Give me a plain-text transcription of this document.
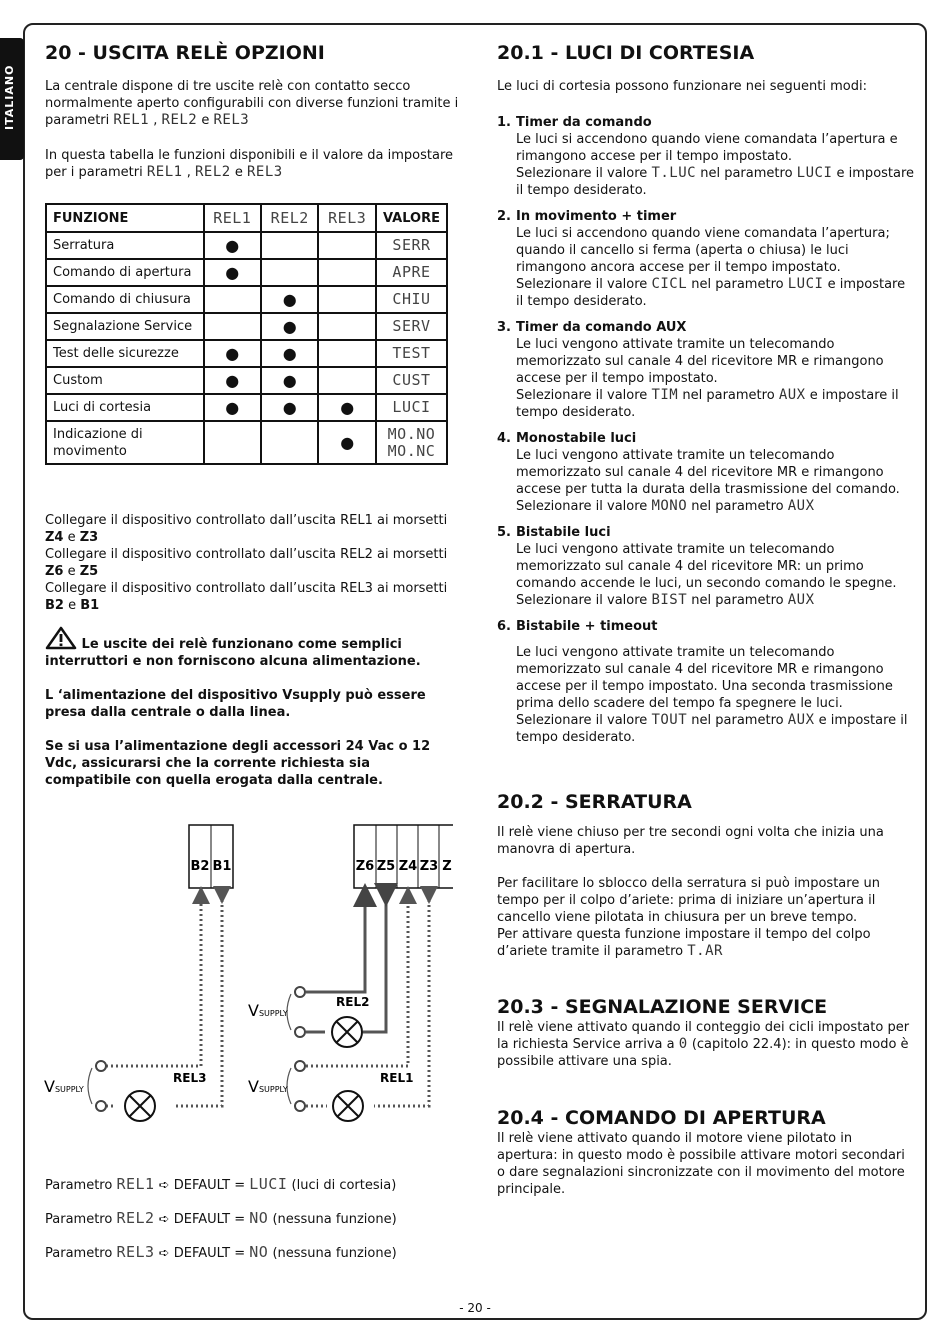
ITALIANO
20 - USCITA RELÈ OPZIONI

La centrale dispone di tre uscite relè con contatto secco normalmente aperto configurabili con diverse funzioni tramite i parametri REL1 , REL2 e REL3

In questa tabella le funzioni disponibili e il valore da impostare per i parametri REL1 , REL2 e REL3

FUNZIONE	REL1	REL2	REL3	VALORE
Serratura	●			SERR
Comando di apertura	●			APRE
Comando di chiusura		●		CHIU
Segnalazione Service		●		SERV
Test delle sicurezze	●	●		TEST
Custom	●	●		CUST
Luci di cortesia	●	●	●	LUCI
Indicazione di movimento			●	MO.NO
MO.NC

Collegare il dispositivo controllato dall’uscita REL1 ai morsetti
Z4 e Z3

Collegare il dispositivo controllato dall’uscita REL2 ai morsetti
Z6 e Z5

Collegare il dispositivo controllato dall’uscita REL3 ai morsetti
B2 e B1

Le uscite dei relè funzionano come semplici interruttori e non forniscono alcuna alimentazione.

L ‘alimentazione del dispositivo Vsupply può essere presa dalla centrale o dalla linea.

Se si usa l’alimentazione degli accessori 24 Vac o 12 Vdc, assicurarsi che la corrente richiesta sia compatibile con quella erogata dalla centrale.

B2 B1	Z6 Z5 Z4 Z3 Z
REL3
VSUPPLY
REL2
VSUPPLY
REL1
VSUPPLY
Parametro REL1 ➪ DEFAULT = LUCI (luci di cortesia)
Parametro REL2 ➪ DEFAULT = NO (nessuna funzione)
Parametro REL3 ➪ DEFAULT = NO (nessuna funzione)
20.1 - LUCI DI CORTESIA

Le luci di cortesia possono funzionare nei seguenti modi:

1. Timer da comando
Le luci si accendono quando viene comandata l’apertura e rimangono accese per il tempo impostato.
Selezionare il valore T.LUC nel parametro LUCI e impostare il tempo desiderato.
2. In movimento + timer
Le luci si accendono quando viene comandata l’apertura; quando il cancello si ferma (aperta o chiusa) le luci rimangono ancora accese per il tempo impostato.
Selezionare il valore CICL nel parametro LUCI e impostare il tempo desiderato.
3. Timer da comando AUX
Le luci vengono attivate tramite un telecomando memorizzato sul canale 4 del ricevitore MR e rimangono accese per il tempo impostato.
Selezionare il valore TIM nel parametro AUX e impostare il tempo desiderato.
4. Monostabile luci
Le luci vengono attivate tramite un telecomando memorizzato sul canale 4 del ricevitore MR e rimangono accese per tutta la durata della trasmissione del comando.
Selezionare il valore MONO nel parametro AUX
5. Bistabile luci
Le luci vengono attivate tramite un telecomando memorizzato sul canale 4 del ricevitore MR: un primo comando accende le luci, un secondo comando le spegne.
Selezionare il valore BIST nel parametro AUX
6. Bistabile + timeout

Le luci vengono attivate tramite un telecomando memorizzato sul canale 4 del ricevitore MR e rimangono accese per il tempo impostato. Una seconda trasmissione prima dello scadere del tempo fa spegnere le luci.
Selezionare il valore TOUT nel parametro AUX e impostare il tempo desiderato.
20.2 - SERRATURA

Il relè viene chiuso per tre secondi ogni volta che inizia una manovra di apertura.

Per facilitare lo sblocco della serratura si può impostare un tempo per il colpo d’ariete: prima di iniziare un’apertura il cancello viene pilotata in chiusura per un breve tempo.

Per attivare questa funzione impostare il tempo del colpo d’ariete tramite il parametro T.AR

20.3 - SEGNALAZIONE SERVICE

Il relè viene attivato quando il conteggio dei cicli impostato per la richiesta Service arriva a 0 (capitolo 22.4): in questo modo è possibile attivare una spia.

20.4 - COMANDO DI APERTURA

Il relè viene attivato quando il motore viene pilotato in apertura: in questo modo è possibile attivare motori secondari o dare segnalazioni sincronizzate con il movimento del motore principale.

- 20 -
